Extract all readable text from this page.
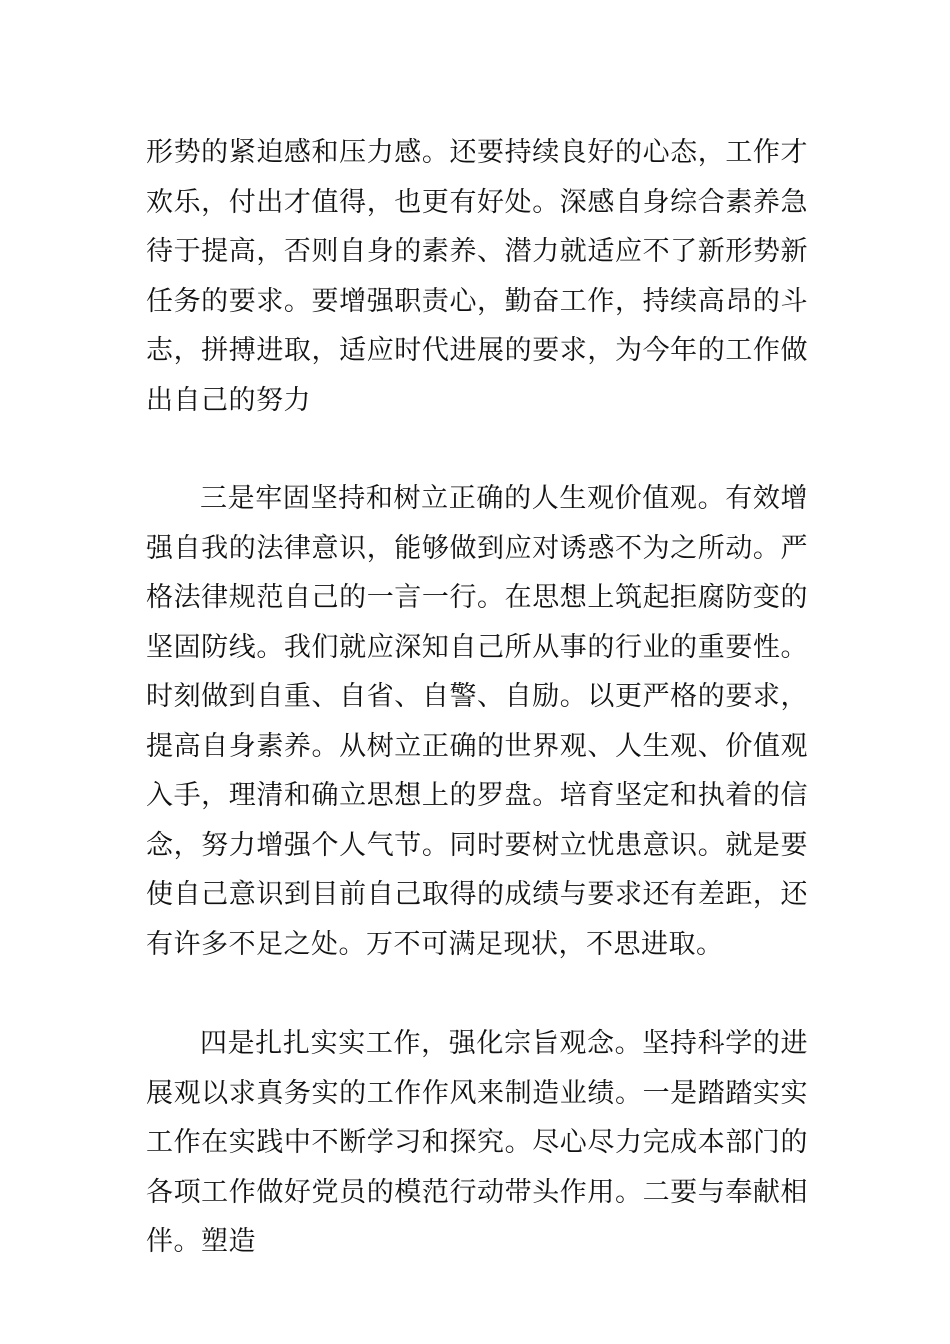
形势的紧迫感和压力感。还要持续良好的心态，工作才欢乐，付出才值得，也更有好处。深感自身综合素养急待于提高，否则自身的素养、潜力就适应不了新形势新任务的要求。要增强职责心，勤奋工作，持续高昂的斗志，拼搏进取，适应时代进展的要求，为今年的工作做出自己的努力

三是牢固坚持和树立正确的人生观价值观。有效增强自我的法律意识，能够做到应对诱惑不为之所动。严格法律规范自己的一言一行。在思想上筑起拒腐防变的坚固防线。我们就应深知自己所从事的行业的重要性。时刻做到自重、自省、自警、自励。以更严格的要求，提高自身素养。从树立正确的世界观、人生观、价值观入手，理清和确立思想上的罗盘。培育坚定和执着的信念，努力增强个人气节。同时要树立忧患意识。就是要使自己意识到目前自己取得的成绩与要求还有差距，还有许多不足之处。万不可满足现状，不思进取。

四是扎扎实实工作，强化宗旨观念。坚持科学的进展观以求真务实的工作作风来制造业绩。一是踏踏实实工作在实践中不断学习和探究。尽心尽力完成本部门的各项工作做好党员的模范行动带头作用。二要与奉献相伴。塑造
